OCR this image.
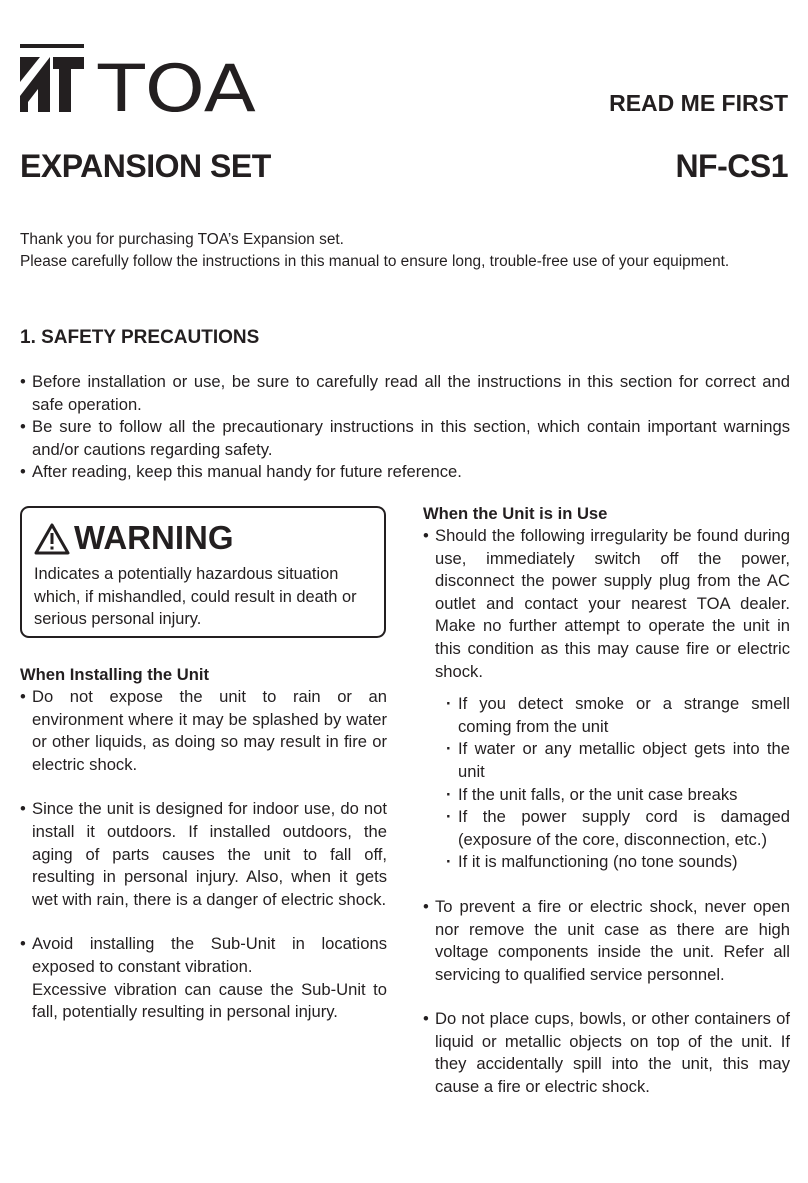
TOA	READ ME FIRST
EXPANSION SET	NF-CS1

Thank you for purchasing TOA’s Expansion set.

Please carefully follow the instructions in this manual to ensure long, trouble-free use of your equipment.

1. SAFETY PRECAUTIONS
• Before installation or use, be sure to carefully read all the instructions in this section for correct and safe operation.
• Be sure to follow all the precautionary instructions in this section, which contain important warnings and/or cautions regarding safety.
• After reading, keep this manual handy for future reference.
WARNING
Indicates a potentially hazardous situation which, if mishandled, could result in death or serious personal injury.
When Installing the Unit
• Do not expose the unit to rain or an environment where it may be splashed by water or other liquids, as doing so may result in fire or electric shock.
• Since the unit is designed for indoor use, do not install it outdoors. If installed outdoors, the aging of parts causes the unit to fall off, resulting in personal injury. Also, when it gets wet with rain, there is a danger of electric shock.

• Avoid installing the Sub-Unit in locations exposed to constant vibration.

Excessive vibration can cause the Sub-Unit to fall, potentially resulting in personal injury.

When the Unit is in Use

• Should the following irregularity be found during use, immediately switch off the power, disconnect the power supply plug from the AC outlet and contact your nearest TOA dealer. Make no further attempt to operate the unit in this condition as this may cause fire or electric shock.

· If you detect smoke or a strange smell coming from the unit
· If water or any metallic object gets into the unit
· If the unit falls, or the unit case breaks
· If the power supply cord is damaged (exposure of the core, disconnection, etc.)
· If it is malfunctioning (no tone sounds)
• To prevent a fire or electric shock, never open nor remove the unit case as there are high voltage components inside the unit. Refer all servicing to qualified service personnel.
• Do not place cups, bowls, or other containers of liquid or metallic objects on top of the unit. If they accidentally spill into the unit, this may cause a fire or electric shock.
